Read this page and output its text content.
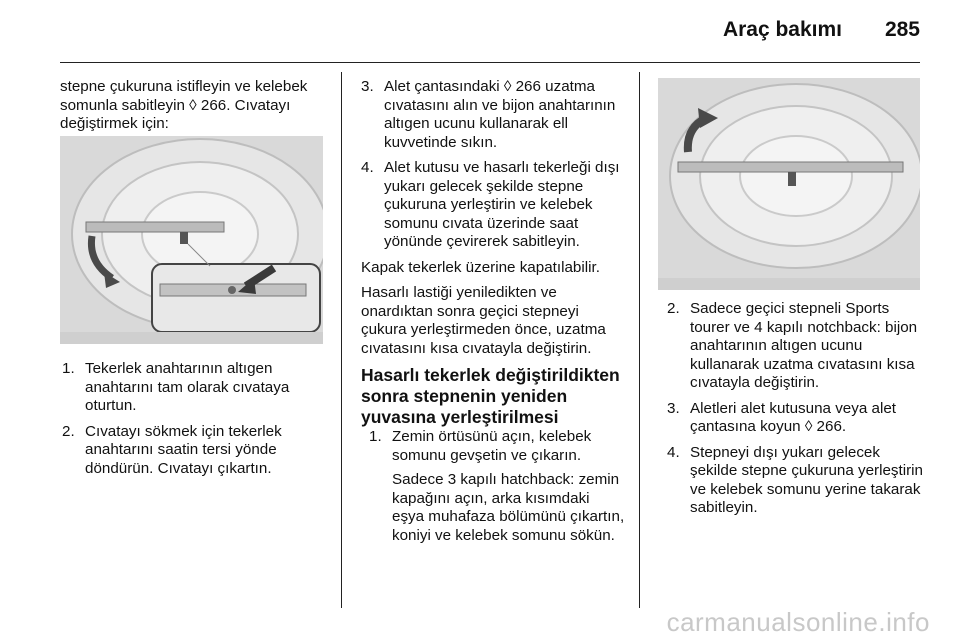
Araç bakımı 285

stepne çukuruna istifleyin ve kelebek somunla sabitleyin ◊ 266. Cıvatayı değiştirmek için:

1. Tekerlek anahtarının altıgen anahtarını tam olarak cıvataya oturtun.

2. Cıvatayı sökmek için tekerlek anahtarını saatin tersi yönde döndürün. Cıvatayı çıkartın.

3. Alet çantasındaki ◊ 266 uzatma cıvatasını alın ve bijon anahtarının altıgen ucunu kullanarak ell kuvvetinde sıkın.

4. Alet kutusu ve hasarlı tekerleği dışı yukarı gelecek şekilde stepne çukuruna yerleştirin ve kelebek somunu cıvata üzerinde saat yönünde çevirerek sabitleyin.

Kapak tekerlek üzerine kapatılabilir.

Hasarlı lastiği yeniledikten ve onardıktan sonra geçici stepneyi çukura yerleştirmeden önce, uzatma cıvatasını kısa cıvatayla değiştirin.

Hasarlı tekerlek değiştirildikten sonra stepnenin yeniden yuvasına yerleştirilmesi

1. Zemin örtüsünü açın, kelebek somunu gevşetin ve çıkarın.

Sadece 3 kapılı hatchback: zemin kapağını açın, arka kısımdaki eşya muhafaza bölümünü çıkartın, koniyi ve kelebek somunu sökün.

2. Sadece geçici stepneli Sports tourer ve 4 kapılı notchback: bijon anahtarının altıgen ucunu kullanarak uzatma cıvatasını kısa cıvatayla değiştirin.

3. Aletleri alet kutusuna veya alet çantasına koyun ◊ 266.

4. Stepneyi dışı yukarı gelecek şekilde stepne çukuruna yerleştirin ve kelebek somunu yerine takarak sabitleyin.

carmanualsonline.info
